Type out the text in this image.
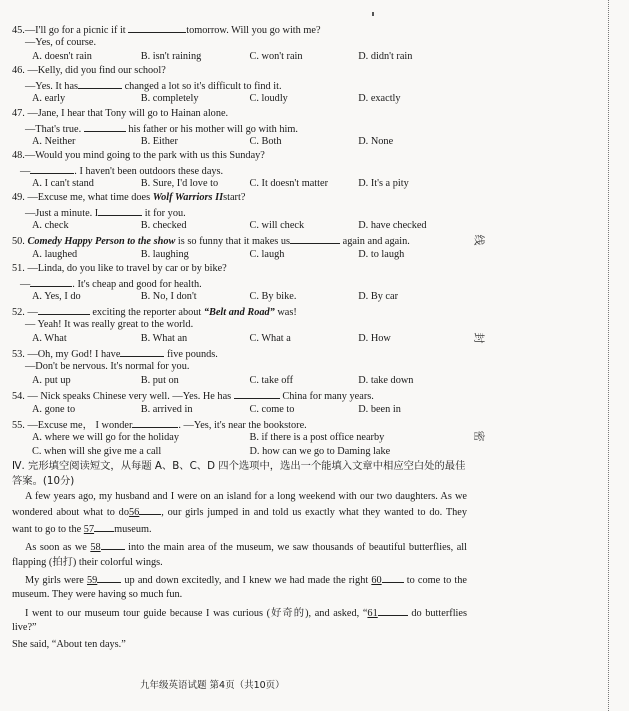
45.—I'll go for a picnic if it	tomorrow. Will you go with me?
—Yes, of course.
A. doesn't rain	B. isn't raining	C. won't rain	D. didn't rain
46. —Kelly, did you find our school?
—Yes. It has	changed a lot so it's difficult to find it.
A. early	B. completely	C. loudly	D. exactly
47. —Jane, I hear that Tony will go to Hainan alone.
—That's true.	his father or his mother will go with him.
A. Neither	B. Either	C. Both	D. None
48.—Would you mind going to the park with us this Sunday?
—	. I haven't been outdoors these days.
A. I can't stand	B. Sure, I'd love to	C. It doesn't matter	D. It's a pity
49. —Excuse me, what time does Wolf Warriors IIstart?
—Just a minute. I	it for you.
A. check	B. checked	C. will check	D. have checked
50. Comedy Happy Person to the show is so funny that it makes us	again and again.
A. laughed	B. laughing	C. laugh	D. to laugh
51. —Linda, do you like to travel by car or by bike?
—	. It's cheap and good for health.
A. Yes, I do	B. No, I don't	C. By bike.	D. By car
52. —	exciting the reporter about “Belt and Road” was!
— Yeah! It was really great to the world.
A. What	B. What an	C. What a	D. How
53. —Oh, my God! I have	five pounds.
—Don't be nervous. It's normal for you.
A. put up	B. put on	C. take off	D. take down
54. — Nick speaks Chinese very well. —Yes. He has	China for many years.
A. gone to	B. arrived in	C. come to	D. been in
55. —Excuse me， I wonder	. —Yes, it's near the bookstore.
A. where we will go for the holiday	B. if there is a post office nearby
C. when will she give me a call	D. how can we go to Daming lake
Ⅳ. 完形填空阅读短文，从每题 A、B、C、D 四个选项中，选出一个能填入文章中相应空白处的最佳答案。(10分)
A few years ago, my husband and I were on an island for a long weekend with our two daughters. As we wondered about what to do56 , our girls jumped in and told us exactly what they wanted to do. They want to go to the 57 museum.
As soon as we 58 into the main area of the museum, we saw thousands of beautiful butterflies, all flapping (拍打) their colorful wings.
My girls were 59 up and down excitedly, and I knew we had made the right 60 to come to the museum. They were having so much fun.
I went to our museum tour guide because I was curious (好奇的), and asked, “61	do butterflies live?”
She said, “About ten days.”
九年级英语试题 第4页（共10页）
线
封
密
